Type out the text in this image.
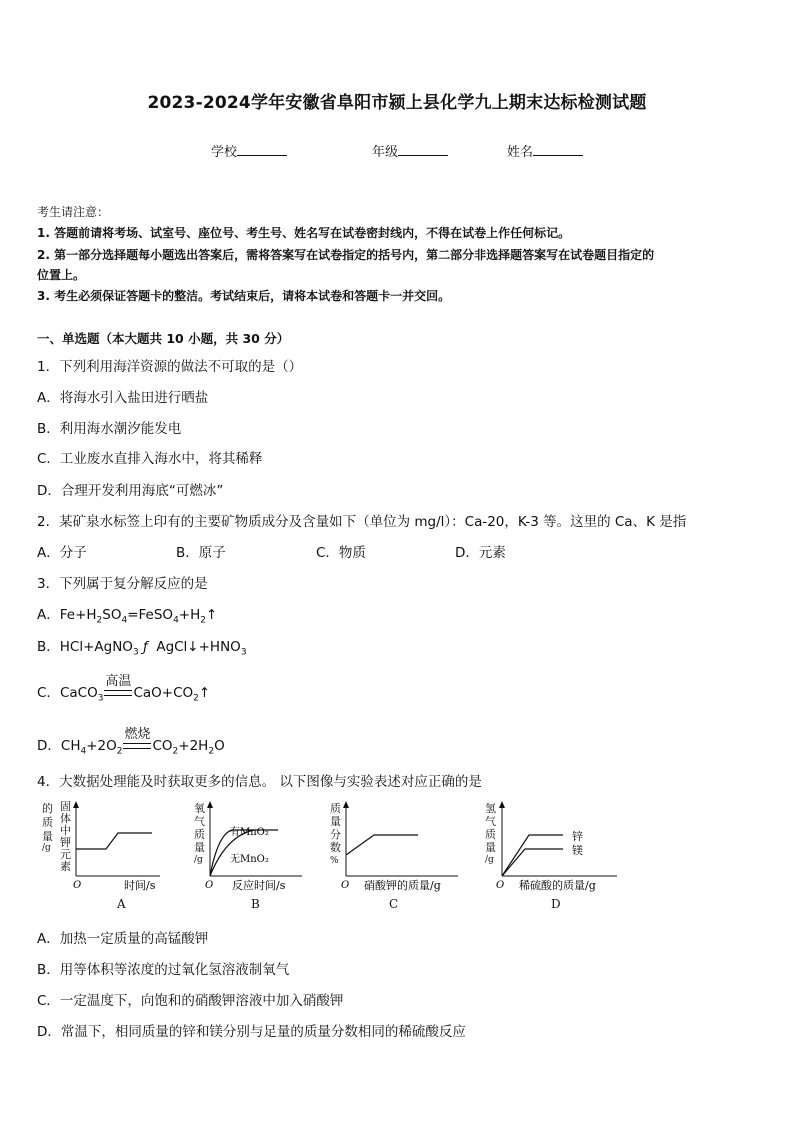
2023-2024学年安徽省阜阳市颍上县化学九上期末达标检测试题
学校	年级	姓名
考生请注意：
1. 答题前请将考场、试室号、座位号、考生号、姓名写在试卷密封线内，不得在试卷上作任何标记。
2. 第一部分选择题每小题选出答案后，需将答案写在试卷指定的括号内，第二部分非选择题答案写在试卷题目指定的
位置上。
3. 考生必须保证答题卡的整洁。考试结束后，请将本试卷和答题卡一并交回。
一、单选题（本大题共 10 小题，共 30 分）
1．下列利用海洋资源的做法不可取的是（）
A．将海水引入盐田进行晒盐
B．利用海水潮汐能发电
C．工业废水直排入海水中，将其稀释
D．合理开发利用海底“可燃冰”
2．某矿泉水标签上印有的主要矿物质成分及含量如下（单位为 mg/l）：Ca-20，K-3 等。这里的 Ca、K 是指
A．分子	B．原子	C．物质	D．元素
3．下列属于复分解反应的是
A．$Fe+H_2SO_4=FeSO_4+H_2↑$
B．HCl+AgNO$_3$ ƒ $AgCl↓+HNO_3$
C．CaCO$_3$
高温
$CaO+CO_2↑$
D．$CH_4+2O_2$
燃烧
$CO_2+2H_2O$
4．大数据处理能及时获取更多的信息。 以下图像与实验表述对应正确的是
的
质
量
/g
固
体
中
钾
元
素
O	时间/s
A
氧
气
质
量
/g
有MnO₂
无MnO₂
O 反应时间/s
B
质
量
分
数
%
O 硝酸钾的质量/g
C
氢
气
质
量
/g
锌
镁
O 稀硫酸的质量/g
D
A．加热一定质量的高锰酸钾
B．用等体积等浓度的过氧化氢溶液制氧气
C．一定温度下，向饱和的硝酸钾溶液中加入硝酸钾
D．常温下，相同质量的锌和镁分别与足量的质量分数相同的稀硫酸反应
